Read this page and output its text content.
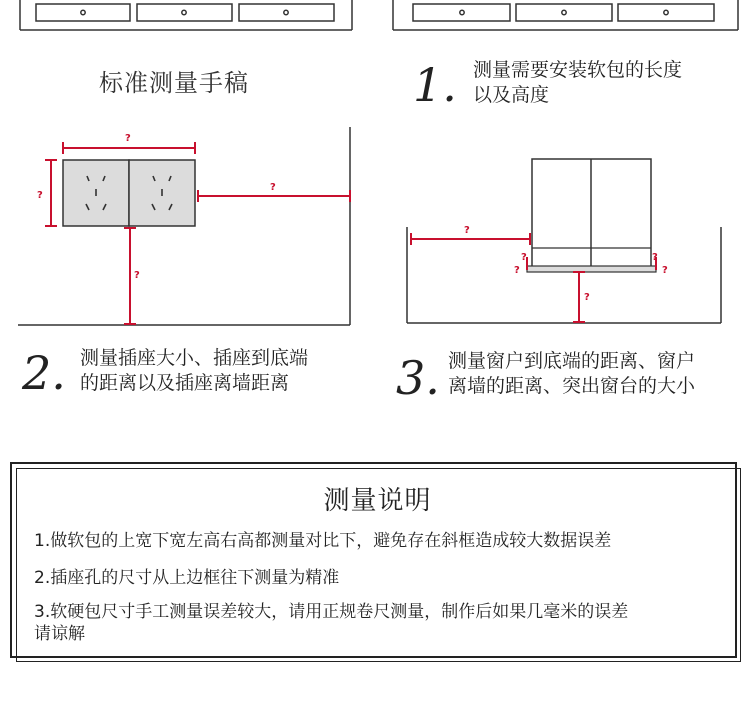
?
?
?
?
?
?
?
?
?
?
标准测量手稿	1. 测量需要安装软包的长度
以及高度
2. 测量插座大小、插座到底端
的距离以及插座离墙距离	3. 测量窗户到底端的距离、窗户
离墙的距离、突出窗台的大小
测量说明
1.做软包的上宽下宽左高右高都测量对比下，避免存在斜框造成较大数据误差
2.插座孔的尺寸从上边框往下测量为精准
3.软硬包尺寸手工测量误差较大，请用正规卷尺测量，制作后如果几毫米的误差
请谅解
